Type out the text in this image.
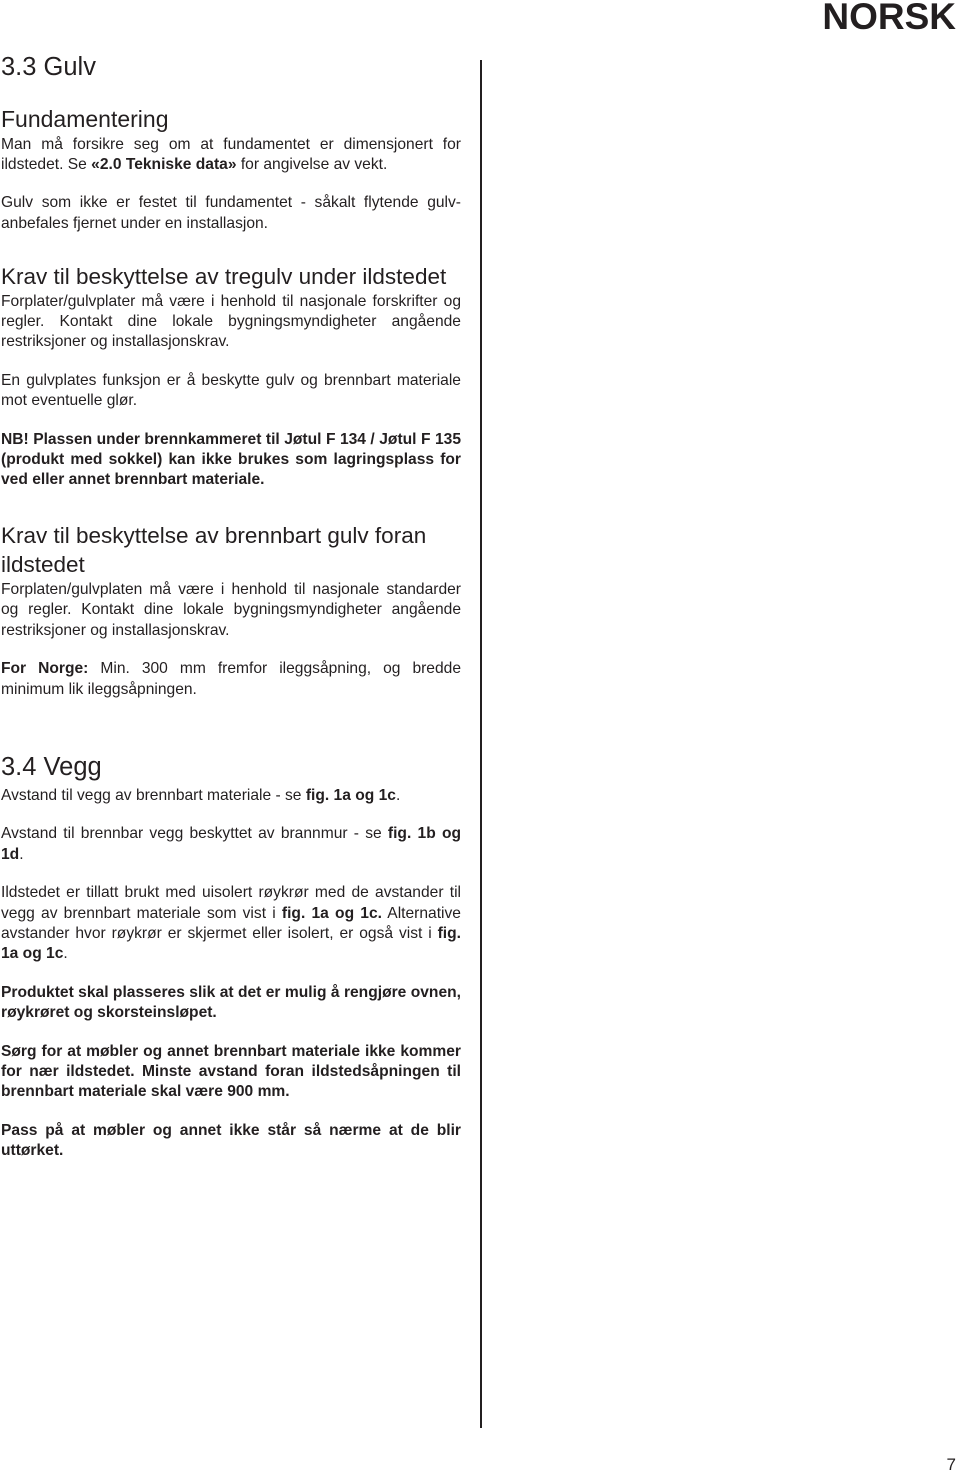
NORSK
3.3 Gulv
Fundamentering

Man må forsikre seg om at fundamentet er dimensjonert for ildstedet. Se «2.0 Tekniske data» for angivelse av vekt.

Gulv som ikke er festet til fundamentet - såkalt flytende gulv- anbefales fjernet under en installasjon.

Krav til beskyttelse av tregulv under ildstedet

Forplater/gulvplater må være i henhold til nasjonale forskrifter og regler. Kontakt dine lokale bygningsmyndigheter angående restriksjoner og installasjonskrav.

En gulvplates funksjon er å beskytte gulv og brennbart materiale mot eventuelle glør.

NB! Plassen under brennkammeret til Jøtul F 134 / Jøtul F 135 (produkt med sokkel) kan ikke brukes som lagringsplass for ved eller annet brennbart materiale.

Krav til beskyttelse av brennbart gulv foran ildstedet

Forplaten/gulvplaten må være i henhold til nasjonale standarder og regler. Kontakt dine lokale bygningsmyndigheter angående restriksjoner og installasjonskrav.

For Norge: Min. 300 mm fremfor ileggsåpning, og bredde minimum lik ileggsåpningen.

3.4 Vegg

Avstand til vegg av brennbart materiale - se fig. 1a og 1c.

Avstand til brennbar vegg beskyttet av brannmur - se fig. 1b og 1d.

Ildstedet er tillatt brukt med uisolert røykrør med de avstander til vegg av brennbart materiale som vist i fig. 1a og 1c. Alternative avstander hvor røykrør er skjermet eller isolert, er også vist i fig. 1a og 1c.

Produktet skal plasseres slik at det er mulig å rengjøre ovnen, røykrøret og skorsteinsløpet.

Sørg for at møbler og annet brennbart materiale ikke kommer for nær ildstedet. Minste avstand foran ildstedsåpningen til brennbart materiale skal være 900 mm.

Pass på at møbler og annet ikke står så nærme at de blir uttørket.

7
